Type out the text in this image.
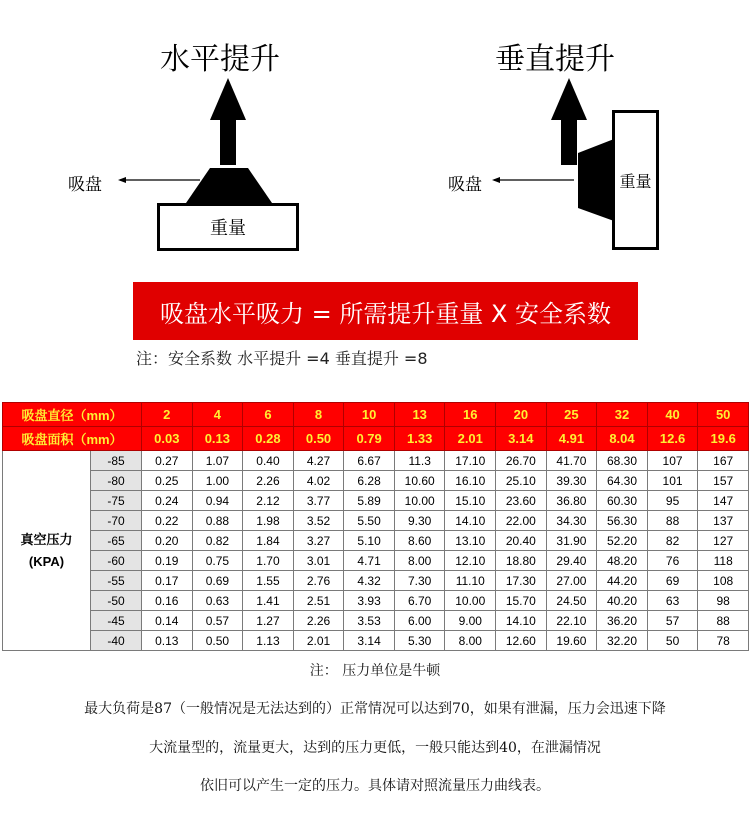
水平提升
吸盘
重量
垂直提升
吸盘	重量
吸盘水平吸力 = 所需提升重量 X 安全系数
注：安全系数 水平提升 =4 垂直提升 =8
吸盘直径（mm）		2	4	6	8	10	13	16	20	25	32	40	50
吸盘面积（mm）		0.03	0.13	0.28	0.50	0.79	1.33	2.01	3.14	4.91	8.04	12.6	19.6

真空压力
(KPA)	-85	0.27	1.07	0.40	4.27	6.67	11.3	17.10	26.70	41.70	68.30	107	167
	-80	0.25	1.00	2.26	4.02	6.28	10.60	16.10	25.10	39.30	64.30	101	157
	-75	0.24	0.94	2.12	3.77	5.89	10.00	15.10	23.60	36.80	60.30	95	147
	-70	0.22	0.88	1.98	3.52	5.50	9.30	14.10	22.00	34.30	56.30	88	137
	-65	0.20	0.82	1.84	3.27	5.10	8.60	13.10	20.40	31.90	52.20	82	127
	-60	0.19	0.75	1.70	3.01	4.71	8.00	12.10	18.80	29.40	48.20	76	118
	-55	0.17	0.69	1.55	2.76	4.32	7.30	11.10	17.30	27.00	44.20	69	108
	-50	0.16	0.63	1.41	2.51	3.93	6.70	10.00	15.70	24.50	40.20	63	98
	-45	0.14	0.57	1.27	2.26	3.53	6.00	9.00	14.10	22.10	36.20	57	88
	-40	0.13	0.50	1.13	2.01	3.14	5.30	8.00	12.60	19.60	32.20	50	78
注： 压力单位是牛顿
最大负荷是87（一般情况是无法达到的）正常情况可以达到70，如果有泄漏，压力会迅速下降
大流量型的，流量更大，达到的压力更低，一般只能达到40，在泄漏情况
依旧可以产生一定的压力。具体请对照流量压力曲线表。
